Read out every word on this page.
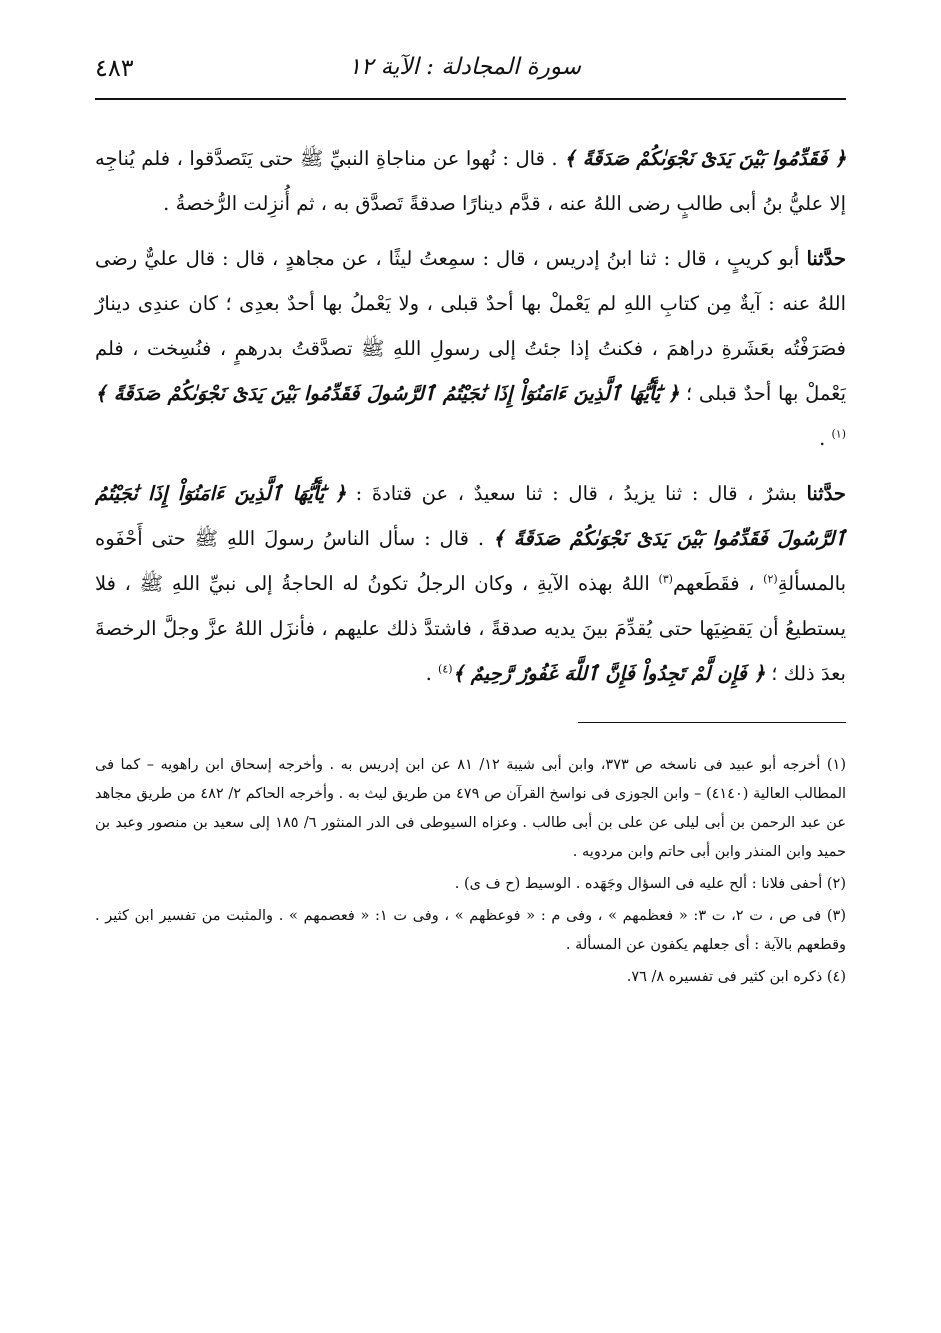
سورة المجادلة : الآية ١٢
٤٨٣

﴿ فَقَدِّمُوا بَيْنَ يَدَىْ نَجْوَىٰكُمْ صَدَقَةً ﴾ . قال : نُهوا عن مناجاةِ النبيِّ ﷺ حتى يَتَصدَّقوا ، فلم يُناجِه إلا عليُّ بنُ أبى طالبٍ رضى اللهُ عنه ، قدَّم دينارًا صدقةً تَصدَّق به ، ثم أُنزِلت الرُّخصةُ .

حدَّثنا أبو كريبٍ ، قال : ثنا ابنُ إدريس ، قال : سمِعتُ ليثًا ، عن مجاهدٍ ، قال : قال عليٌّ رضى اللهُ عنه : آيةٌ مِن كتابِ اللهِ لم يَعْملْ بها أحدٌ قبلى ، ولا يَعْملُ بها أحدٌ بعدِى ؛ كان عندِى دينارٌ فصَرَفْتُه بعَشَرةِ دراهمَ ، فكنتُ إذا جئتُ إلى رسولِ اللهِ ﷺ تصدَّقتُ بدرهمٍ ، فنُسِخت ، فلم يَعْملْ بها أحدٌ قبلى ؛ ﴿ يَٰٓأَيُّهَا ٱلَّذِينَ ءَامَنُوٓاْ إِذَا نَٰجَيْتُمُ ٱلرَّسُولَ فَقَدِّمُوا بَيْنَ يَدَىْ نَجْوَىٰكُمْ صَدَقَةً ﴾$^{(١)}$ .

حدَّثنا بشرٌ ، قال : ثنا يزيدُ ، قال : ثنا سعيدٌ ، عن قتادةَ : ﴿ يَٰٓأَيُّهَا ٱلَّذِينَ ءَامَنُوٓاْ إِذَا نَٰجَيْتُمُ ٱلرَّسُولَ فَقَدِّمُوا بَيْنَ يَدَىْ نَجْوَىٰكُمْ صَدَقَةً ﴾ . قال : سأل الناسُ رسولَ اللهِ ﷺ حتى أَحْفَوه بالمسألةِ$^{(٢)}$ ، فقَطَعهم$^{(٣)}$ اللهُ بهذه الآيةِ ، وكان الرجلُ تكونُ له الحاجةُ إلى نبيِّ اللهِ ﷺ ، فلا يستطيعُ أن يَقضِيَها حتى يُقدِّمَ بينَ يديه صدقةً ، فاشتدَّ ذلك عليهم ، فأنزَل اللهُ عزَّ وجلَّ الرخصةَ بعدَ ذلك ؛ ﴿ فَإِن لَّمْ تَجِدُواْ فَإِنَّ ٱللَّهَ غَفُورٌ رَّحِيمٌ ﴾$^{(٤)}$ .

(١) أخرجه أبو عبيد فى ناسخه ص ٣٧٣، وابن أبى شيبة ١٢/ ٨١ عن ابن إدريس به . وأخرجه إسحاق ابن راهويه – كما فى المطالب العالية (٤١٤٠) – وابن الجوزى فى نواسخ القرآن ص ٤٧٩ من طريق ليث به . وأخرجه الحاكم ٢/ ٤٨٢ من طريق مجاهد عن عبد الرحمن بن أبى ليلى عن على بن أبى طالب . وعزاه السيوطى فى الدر المنثور ٦/ ١٨٥ إلى سعيد بن منصور وعبد بن حميد وابن المنذر وابن أبى حاتم وابن مردويه .

(٢) أحفى فلانا : ألح عليه فى السؤال وجَهَده . الوسيط (ح ف ى) .

(٣) فى ص ، ت ٢، ت ٣: « فعظمهم » ، وفى م : « فوعظهم » ، وفى ت ١: « فعصمهم » . والمثبت من تفسير ابن كثير . وقطعهم بالآية : أى جعلهم يكفون عن المسألة .

(٤) ذكره ابن كثير فى تفسيره ٨/ ٧٦.
